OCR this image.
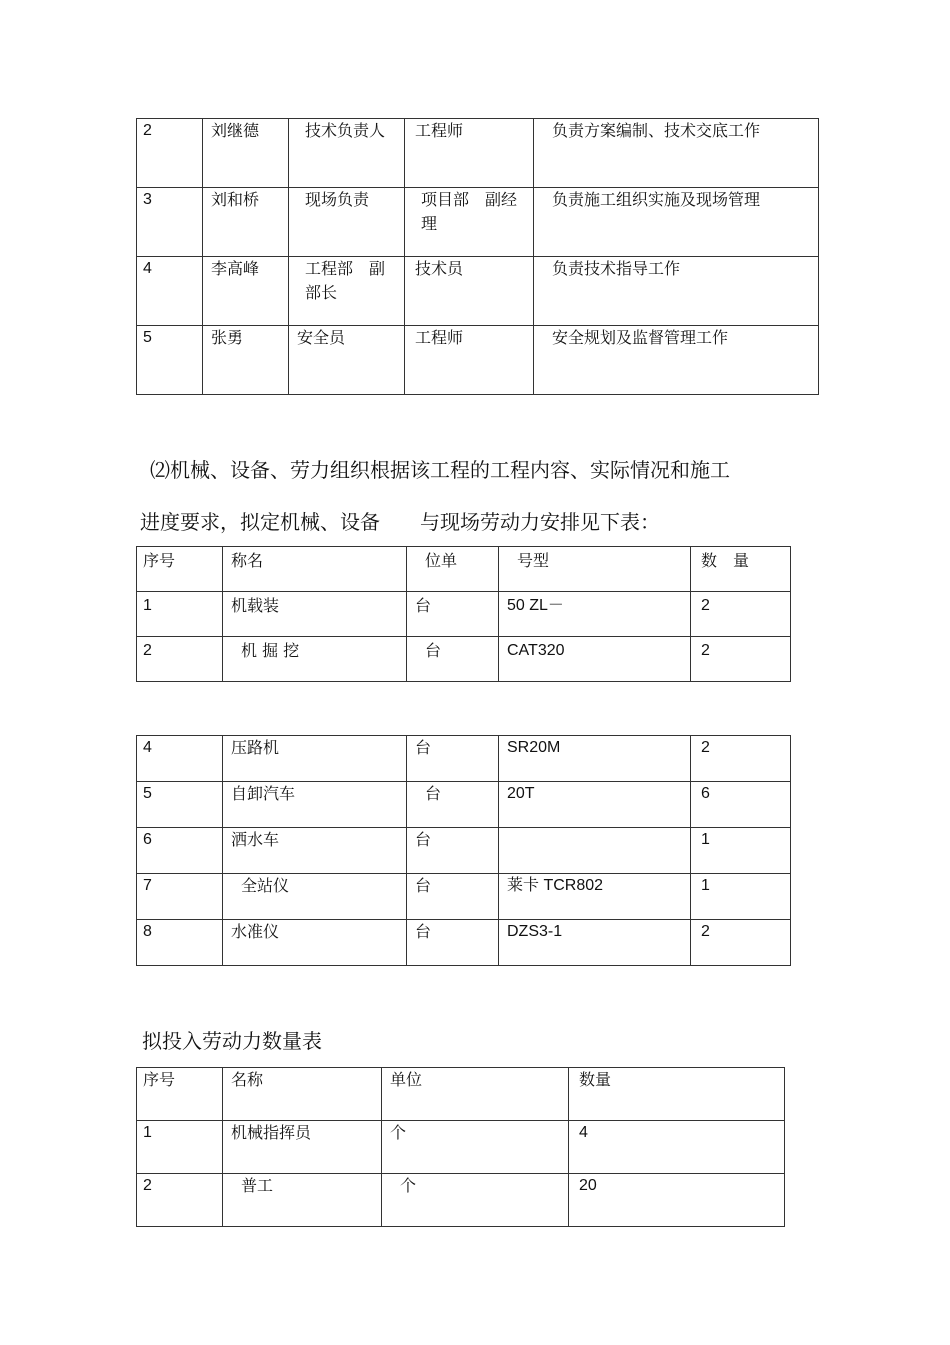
2	刘继德	技术负责人	工程师	负责方案编制、技术交底工作
3	刘和桥	现场负责	项目部　副经理	负责施工组织实施及现场管理
4	李高峰	工程部　副部长	技术员	负责技术指导工作
5	张勇	安全员	工程师	安全规划及监督管理工作
⑵机械、设备、劳力组织根据该工程的工程内容、实际情况和施工
进度要求，拟定机械、设备　　与现场劳动力安排见下表：
序号	称名	位单	号型	数　量
1	机载装	台	50 ZL－	2
2	机 掘 挖	台	CAT320	2
4	压路机	台	SR20M	2
5	自卸汽车	台	20T	6
6	洒水车	台		1
7	全站仪	台	莱卡 TCR802	1
8	水准仪	台	DZS3-1	2
拟投入劳动力数量表
序号	名称	单位	数量
1	机械指挥员	个	4
2	普工	个	20
